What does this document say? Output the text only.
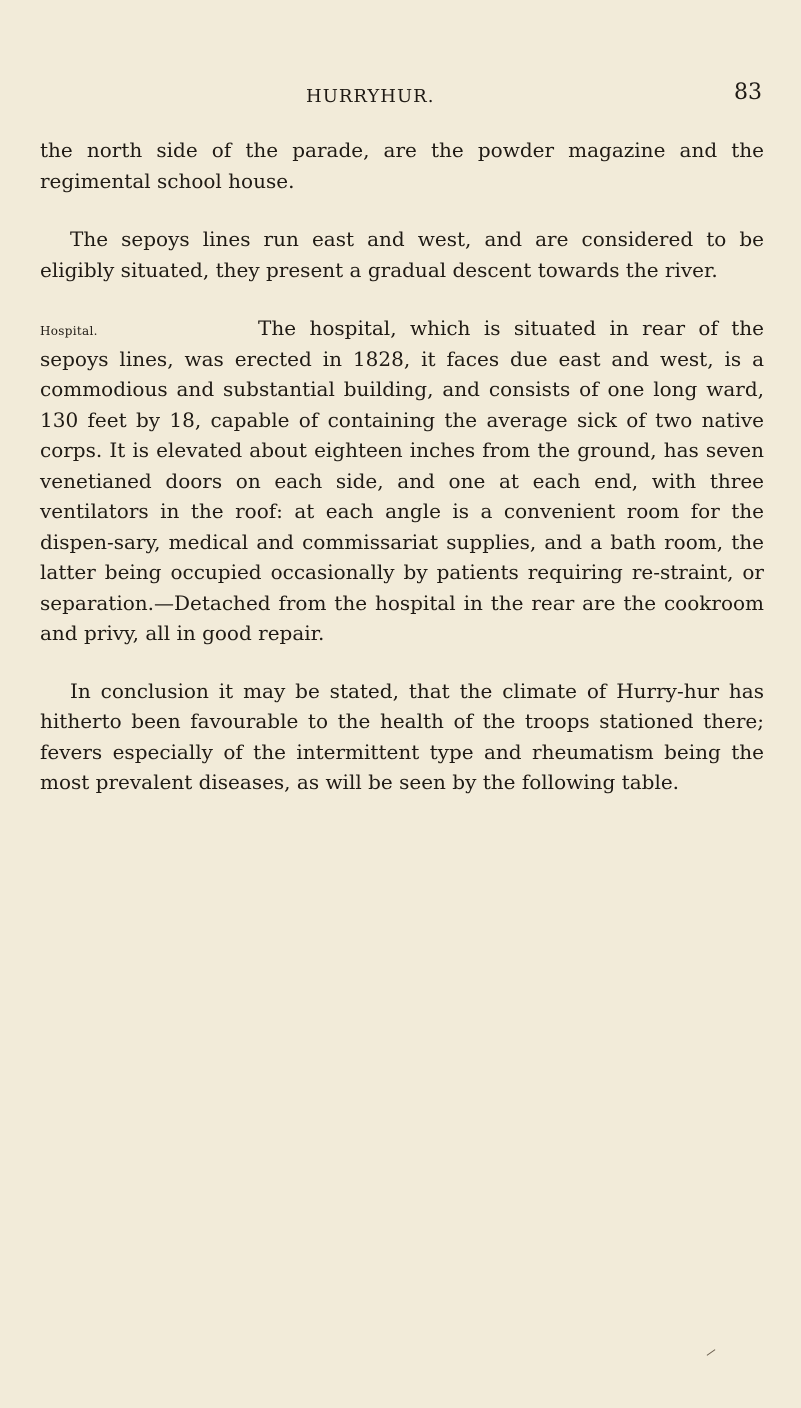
HURRYHUR.	83

the north side of the parade, are the powder magazine and the regimental school house.

The sepoys lines run east and west, and are considered to be eligibly situated, they present a gradual descent towards the river.

Hospital.	The hospital, which is situated in rear of the sepoys lines, was erected in 1828, it faces due east and west, is a commodious and substantial building, and consists of one long ward, 130 feet by 18, capable of containing the average sick of two native corps. It is elevated about eighteen inches from the ground, has seven venetianed doors on each side, and one at each end, with three ventilators in the roof: at each angle is a convenient room for the dispen-sary, medical and commissariat supplies, and a bath room, the latter being occupied occasionally by patients requiring re-straint, or separation.—Detached from the hospital in the rear are the cookroom and privy, all in good repair.

In conclusion it may be stated, that the climate of Hurry-hur has hitherto been favourable to the health of the troops stationed there; fevers especially of the intermittent type and rheumatism being the most prevalent diseases, as will be seen by the following table.
